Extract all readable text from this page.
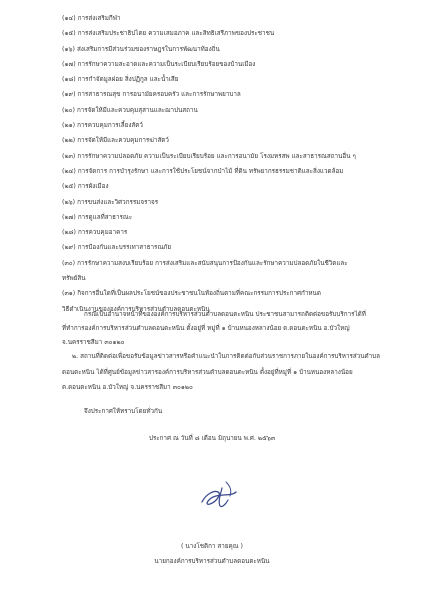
(๑๔) การส่งเสริมกีฬา
(๑๕) การส่งเสริมประชาธิปไตย ความเสมอภาค และสิทธิเสรีภาพของประชาชน
(๑๖) ส่งเสริมการมีส่วนร่วมของราษฎรในการพัฒนาท้องถิ่น
(๑๗) การรักษาความสะอาดและความเป็นระเบียบเรียบร้อยของบ้านเมือง
(๑๘) การกำจัดมูลฝอย สิ่งปฏิกูล และน้ำเสีย
(๑๙) การสาธารณสุข การอนามัยครอบครัว และการรักษาพยาบาล
(๒๐) การจัดให้มีและควบคุมสุสานและฌาปนสถาน
(๒๑) การควบคุมการเลี้ยงสัตว์
(๒๒) การจัดให้มีและควบคุมการฆ่าสัตว์
(๒๓) การรักษาความปลอดภัย ความเป็นระเบียบเรียบร้อย และการอนามัย โรงมหรสพ และสาธารณสถานอื่น ๆ
(๒๔) การจัดการ การบำรุงรักษา และการใช้ประโยชน์จากป่าไม้ ที่ดิน ทรัพยากรธรรมชาติและสิ่งแวดล้อม
(๒๕) การผังเมือง
(๒๖) การขนส่งและวิศวกรรมจราจร
(๒๗) การดูแลที่สาธารณะ
(๒๘) การควบคุมอาคาร
(๒๙) การป้องกันและบรรเทาสาธารณภัย
(๓๐) การรักษาความสงบเรียบร้อย การส่งเสริมและสนับสนุนการป้องกันและรักษาความปลอดภัยในชีวิตและ
ทรัพย์สิน
(๓๑) กิจการอื่นใดที่เป็นผลประโยชน์ของประชาชนในท้องถิ่นตามที่คณะกรรมการประกาศกำหนด
วิธีดำเนินงานขององค์การบริหารส่วนตำบลดอนตะหนิน
กรณีเป็นอำนาจหน้าที่ขององค์การบริหารส่วนตำบลดอนตะหนิน ประชาชนสามารถติดต่อขอรับบริการได้ที่
ที่ทำการองค์การบริหารส่วนตำบลดอนตะหนิน ตั้งอยู่ที่ หมู่ที่ ๑ บ้านหนองหลางน้อย ต.ดอนตะหนิน อ.บัวใหญ่
จ.นครราชสีมา ๓๐๑๒๐
๒. สถานที่ติดต่อเพื่อขอรับข้อมูลข่าวสารหรือคำแนะนำในการติดต่อกับส่วนราชการภายในองค์การบริหารส่วนตำบล
ดอนตะหนิน ได้ที่ศูนย์ข้อมูลข่าวสารองค์การบริหารส่วนตำบลดอนตะหนิน ตั้งอยู่ที่หมู่ที่ ๑ บ้านหนองหลางน้อย
ต.ดอนตะหนิน อ.บัวใหญ่ จ.นครราชสีมา ๓๐๑๒๐
จึงประกาศให้ทราบโดยทั่วกัน
ประกาศ ณ วันที่ ๘ เดือน มิถุนายน พ.ศ. ๒๕๖๓
( นางโชติกา สายคุณ )
นายกองค์การบริหารส่วนตำบลดอนตะหนิน
